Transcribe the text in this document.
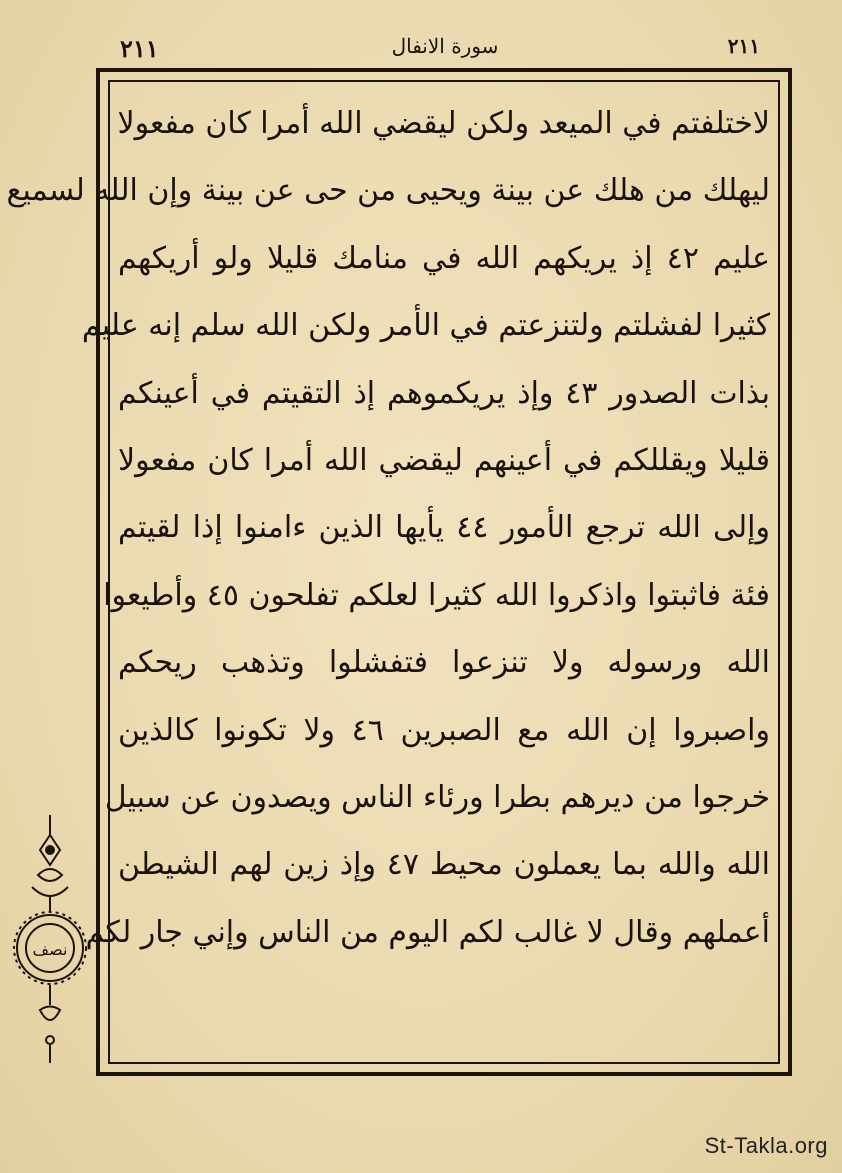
٢١١	سورة الانفال	٢١١
لاختلفتم في الميعد ولكن ليقضي الله أمرا كان مفعولا
ليهلك من هلك عن بينة ويحيى من حى عن بينة وإن الله لسميع
عليم ٤٢ إذ يريكهم الله في منامك قليلا ولو أريكهم
كثيرا لفشلتم ولتنزعتم في الأمر ولكن الله سلم إنه عليم
بذات الصدور ٤٣ وإذ يريكموهم إذ التقيتم في أعينكم
قليلا ويقللكم في أعينهم ليقضي الله أمرا كان مفعولا
وإلى الله ترجع الأمور ٤٤ يأيها الذين ءامنوا إذا لقيتم
فئة فاثبتوا واذكروا الله كثيرا لعلكم تفلحون ٤٥ وأطيعوا
الله ورسوله ولا تنزعوا فتفشلوا وتذهب ريحكم
واصبروا إن الله مع الصبرين ٤٦ ولا تكونوا كالذين
خرجوا من ديرهم بطرا ورئاء الناس ويصدون عن سبيل
الله والله بما يعملون محيط ٤٧ وإذ زين لهم الشيطن
أعملهم وقال لا غالب لكم اليوم من الناس وإني جار لكم
نصف
St-Takla.org
